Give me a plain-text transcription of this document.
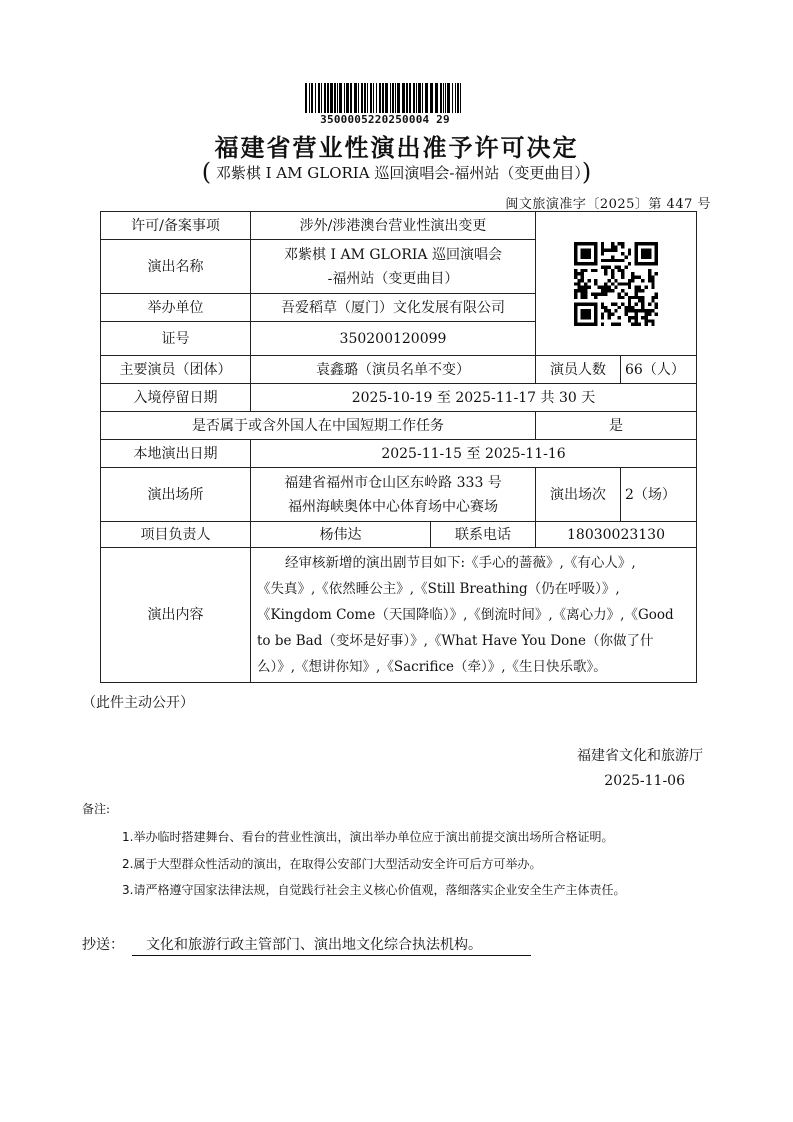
3500005220250004 29
福建省营业性演出准予许可决定
( 邓紫棋 I AM GLORIA 巡回演唱会-福州站（变更曲目）)
闽文旅演准字〔2025〕第 447 号
许可/备案事项	涉外/涉港澳台营业性演出变更	

演出名称	邓紫棋 I AM GLORIA 巡回演唱会
-福州站（变更曲目）			

举办单位	吾爱稻草（厦门）文化发展有限公司			
证号	350200120099			
主要演员（团体）	袁鑫璐（演员名单不变）		演员人数	66（人）
入境停留日期	2025-10-19 至 2025-11-17 共 30 天			
是否属于或含外国人在中国短期工作任务			是	
本地演出日期	2025-11-15 至 2025-11-16			
演出场所	福建省福州市仓山区东岭路 333 号
福州海峡奥体中心体育场中心赛场		演出场次	2（场）
项目负责人	杨伟达	联系电话	18030023130	
演出内容	经审核新增的演出剧节目如下:《手心的蔷薇》,《有心人》,
《失真》,《依然睡公主》,《Still Breathing（仍在呼吸）》,
《Kingdom Come（天国降临）》,《倒流时间》,《离心力》,《Good
to be Bad（变坏是好事）》,《What Have You Done（你做了什
么）》,《想讲你知》,《Sacrifice（牵）》,《生日快乐歌》。			
（此件主动公开）
福建省文化和旅游厅
2025-11-06
备注:
1.举办临时搭建舞台、看台的营业性演出，演出举办单位应于演出前提交演出场所合格证明。
2.属于大型群众性活动的演出，在取得公安部门大型活动安全许可后方可举办。
3.请严格遵守国家法律法规，自觉践行社会主义核心价值观，落细落实企业安全生产主体责任。
抄送：	文化和旅游行政主管部门、演出地文化综合执法机构。
